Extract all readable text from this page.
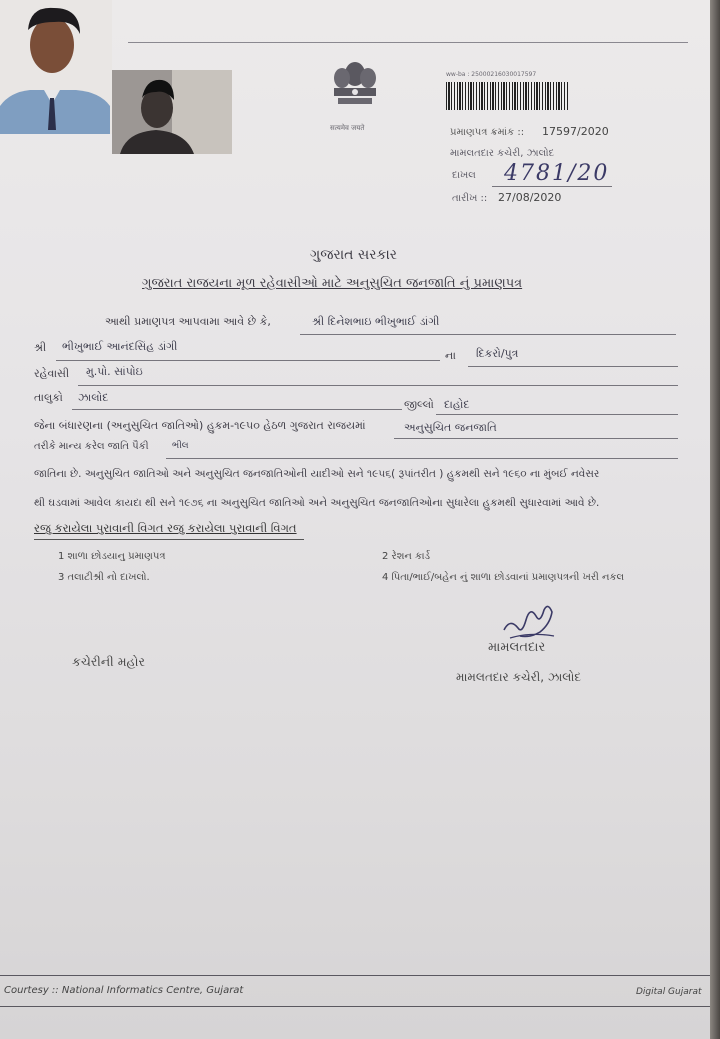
सत्यमेव जयते
ww-ba : 25000216030017597
પ્રમાણપત્ર ક્રમાંક :: 17597/2020
મામલતદાર કચેરી, ઝાલોદ
દાખલ 4781/20
તારીખ :: 27/08/2020
ગુજરાત સરકાર
ગુજરાત રાજયના મૂળ રહેવાસીઓ માટે અનુસુચિત જનજાતિ નું પ્રમાણપત્ર
આથી પ્રમાણપત્ર આપવામા આવે છે કે,	શ્રી દિનેશભાઇ ભીખુભાઈ ડાંગી
શ્રી ભીખુભાઈ આનંદસિંહ ડાંગી
ના દિકરો/પુત્ર
રહેવાસી મુ.પો. સાંપોઇ
તાલુકો ઝાલોદ
જીલ્લો દાહોદ
જેના બંધારણના (અનુસુચિત જાતિઓ) હુકમ-૧૯૫૦ હેઠળ ગુજરાત રાજયમાં	અનુસુચિત જનજાતિ
તરીકે માન્ય કરેલ જાતિ પૈકી	ભીલ
જાતિના છે. અનુસુચિત જાતિઓ અને અનુસુચિત જનજાતિઓની યાદીઓ સને ૧૯૫૬( રૂપાંતરીત ) હુકમથી સને ૧૯૬૦ ના મુંબઈ નવેસર
થી ઘડવામાં આવેલ કાયદા થી સને ૧૯૭૬ ના અનુસુચિત જાતિઓ અને અનુસુચિત જનજાતિઓના સુધારેલા હુકમથી સુધારવામાં આવે છે.
રજુ કરાયેલા પુરાવાની વિગત રજુ કરાયેલા પુરાવાની વિગત
1 શાળા છોડયાનુ પ્રમાણપત્ર	2 રેશન કાર્ડ
3 તલાટીશ્રી નો દાખલો.	4 પિતા/ભાઈ/બહેન નું શાળા છોડવાનાં પ્રમાણપત્રની ખરી નકલ
મામલતદાર
મામલતદાર કચેરી, ઝાલોદ
કચેરીની મહોર
Courtesy :: National Informatics Centre, Gujarat	Digital Gujarat
